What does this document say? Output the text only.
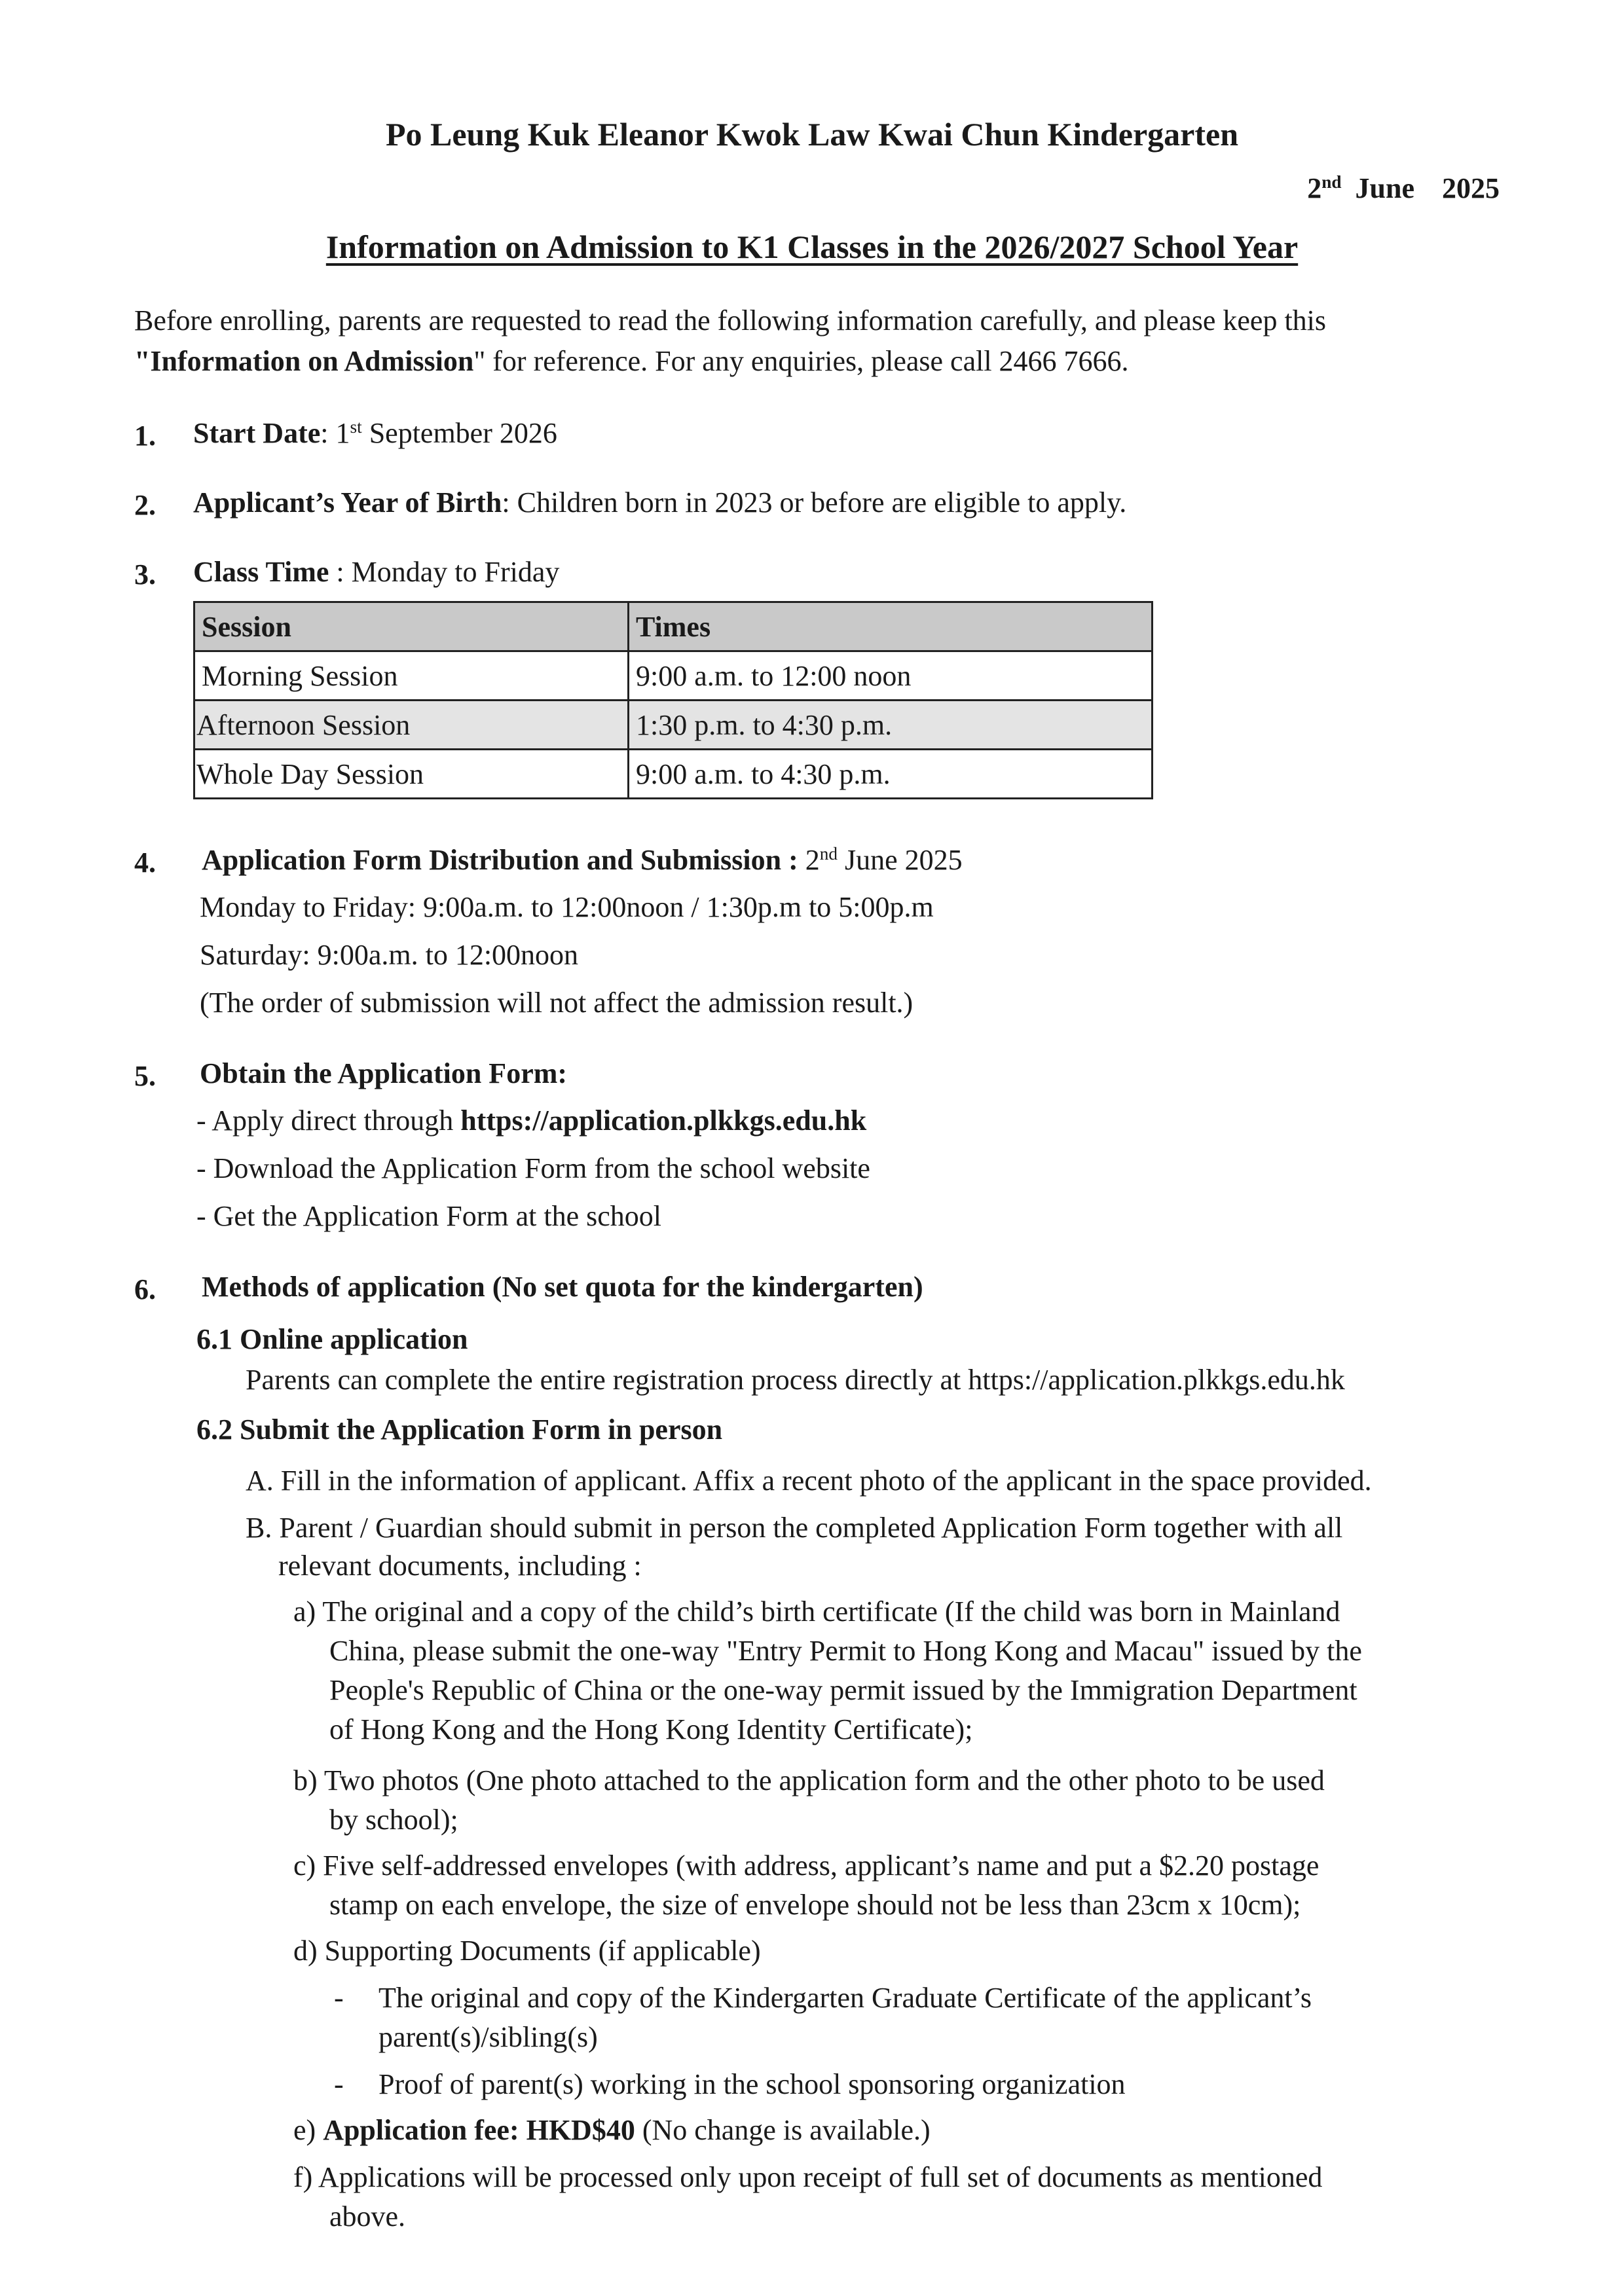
Po Leung Kuk Eleanor Kwok Law Kwai Chun Kindergarten
2nd June  2025
Information on Admission to K1 Classes in the 2026/2027 School Year
Before enrolling, parents are requested to read the following information carefully, and please keep this
"Information on Admission" for reference. For any enquiries, please call 2466 7666.
1. Start Date: 1st September 2026
2. Applicant’s Year of Birth: Children born in 2023 or before are eligible to apply.
3. Class Time : Monday to Friday
Session	Times
Morning Session	9:00 a.m. to 12:00 noon
Afternoon Session	1:30 p.m. to 4:30 p.m.
Whole Day Session	9:00 a.m. to 4:30 p.m.
4. Application Form Distribution and Submission : 2nd June 2025
Monday to Friday: 9:00a.m. to 12:00noon / 1:30p.m to 5:00p.m
Saturday: 9:00a.m. to 12:00noon
(The order of submission will not affect the admission result.)
5. Obtain the Application Form:
- Apply direct through https://application.plkkgs.edu.hk
- Download the Application Form from the school website
- Get the Application Form at the school
6. Methods of application (No set quota for the kindergarten)
6.1 Online application
Parents can complete the entire registration process directly at https://application.plkkgs.edu.hk
6.2 Submit the Application Form in person
A. Fill in the information of applicant. Affix a recent photo of the applicant in the space provided.
B. Parent / Guardian should submit in person the completed Application Form together with all
relevant documents, including :
a) The original and a copy of the child’s birth certificate (If the child was born in Mainland
China, please submit the one-way "Entry Permit to Hong Kong and Macau" issued by the
People's Republic of China or the one-way permit issued by the Immigration Department
of Hong Kong and the Hong Kong Identity Certificate);
b) Two photos (One photo attached to the application form and the other photo to be used
by school);
c) Five self-addressed envelopes (with address, applicant’s name and put a $2.20 postage
stamp on each envelope, the size of envelope should not be less than 23cm x 10cm);
d) Supporting Documents (if applicable)
- The original and copy of the Kindergarten Graduate Certificate of the applicant’s
parent(s)/sibling(s)
- Proof of parent(s) working in the school sponsoring organization
e) Application fee: HKD$40 (No change is available.)
f) Applications will be processed only upon receipt of full set of documents as mentioned
above.
